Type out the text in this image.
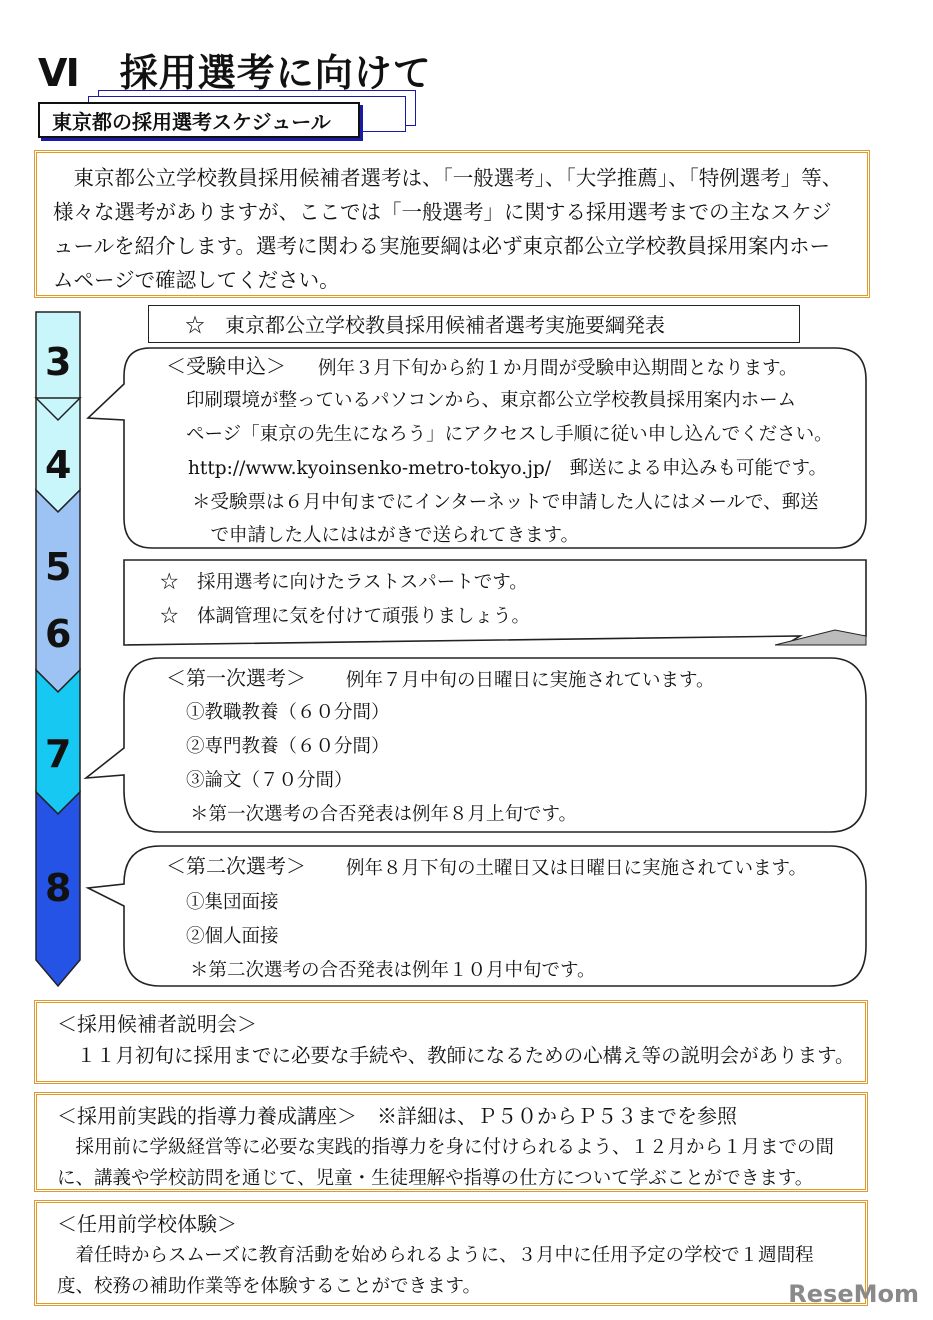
Ⅵ　採用選考に向けて
東京都の採用選考スケジュール
　東京都公立学校教員採用候補者選考は、「一般選考」、「大学推薦」、「特例選考」等、
様々な選考がありますが、ここでは「一般選考」に関する採用選考までの主なスケジ
ュールを紹介します。選考に関わる実施要綱は必ず東京都公立学校教員採用案内ホー
ムページで確認してください。
3
4
5
6
7
8
☆　東京都公立学校教員採用候補者選考実施要綱発表
＜受験申込＞ 例年３月下旬から約１か月間が受験申込期間となります。
印刷環境が整っているパソコンから、東京都公立学校教員採用案内ホーム
ページ「東京の先生になろう」にアクセスし手順に従い申し込んでください。
http://www.kyoinsenko-metro-tokyo.jp/　郵送による申込みも可能です。
＊受験票は６月中旬までにインターネットで申請した人にはメールで、郵送
　で申請した人にははがきで送られてきます。
☆　採用選考に向けたラストスパートです。
☆　体調管理に気を付けて頑張りましょう。
＜第一次選考＞ 例年７月中旬の日曜日に実施されています。
①教職教養（６０分間）
②専門教養（６０分間）
③論文（７０分間）
＊第一次選考の合否発表は例年８月上旬です。
＜第二次選考＞ 例年８月下旬の土曜日又は日曜日に実施されています。
①集団面接
②個人面接
＊第二次選考の合否発表は例年１０月中旬です。
＜採用候補者説明会＞
　１１月初旬に採用までに必要な手続や、教師になるための心構え等の説明会があります。
＜採用前実践的指導力養成講座＞　※詳細は、Ｐ５０からＰ５３までを参照
　採用前に学級経営等に必要な実践的指導力を身に付けられるよう、１２月から１月までの間
に、講義や学校訪問を通じて、児童・生徒理解や指導の仕方について学ぶことができます。
＜任用前学校体験＞
　着任時からスムーズに教育活動を始められるように、３月中に任用予定の学校で１週間程
度、校務の補助作業等を体験することができます。	ReseMom
